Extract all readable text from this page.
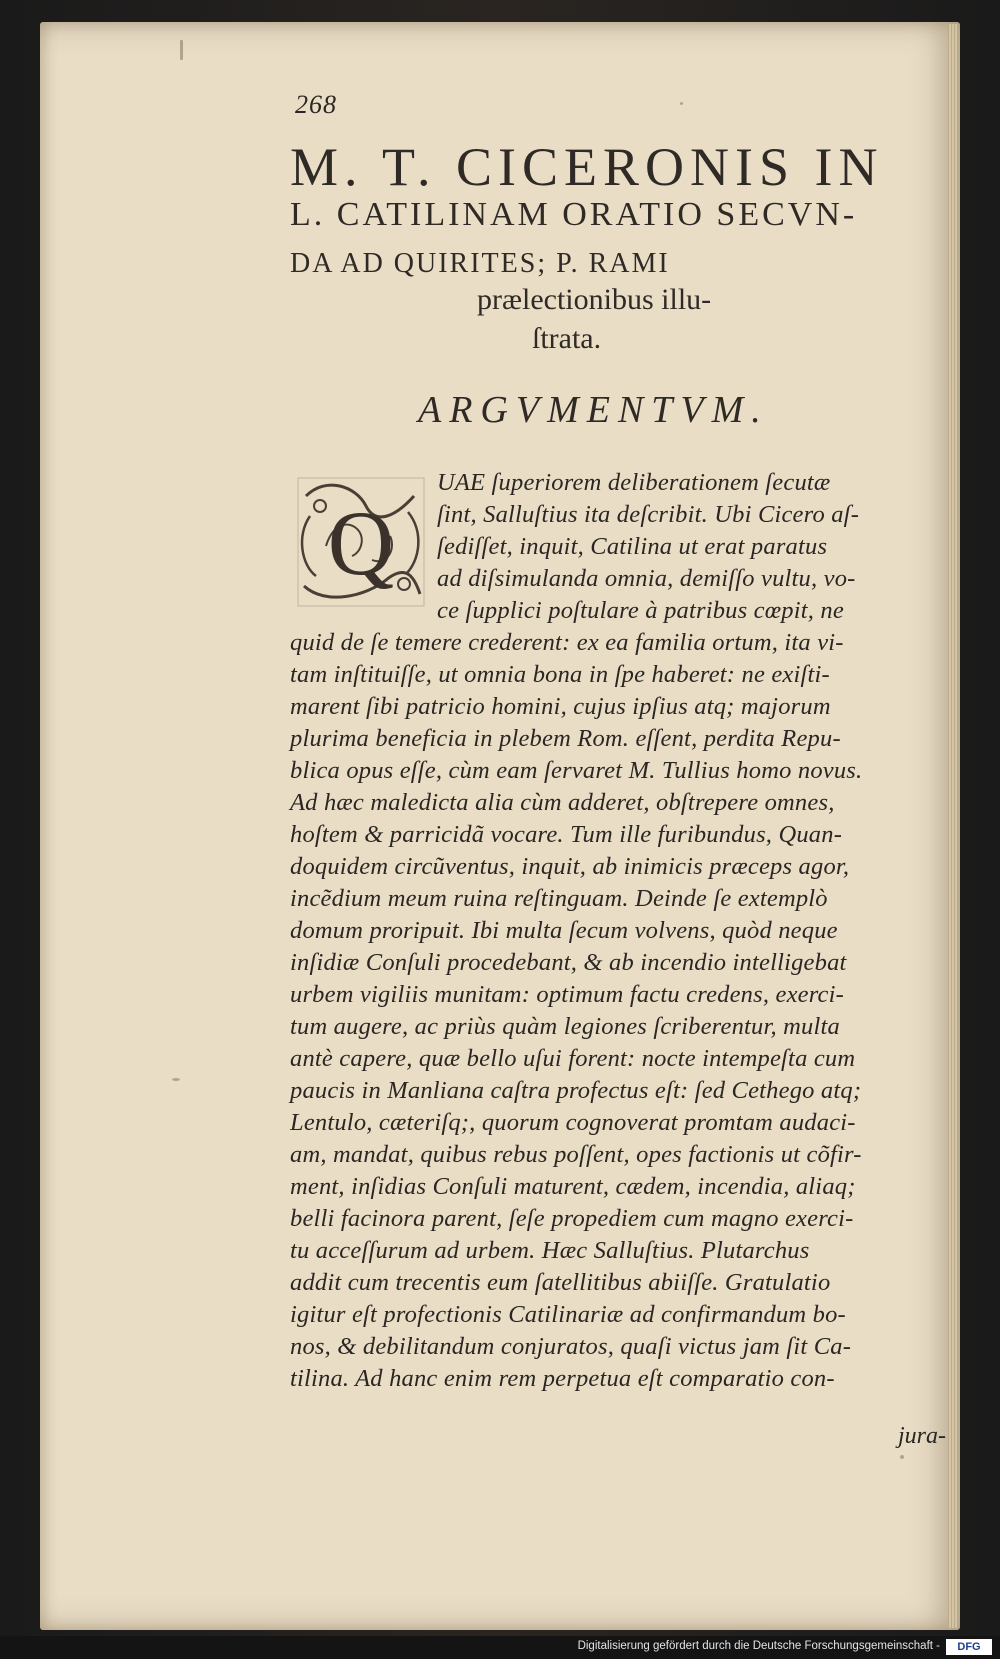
268
M. T. CICERONIS IN
L. CATILINAM ORATIO SECVN-
DA AD QUIRITES; P. RAMI
prælectionibus illu-
ſtrata.
ARGVMENTVM.
Q
UAE ſuperiorem deliberationem ſecutæ
ſint, Salluſtius ita deſcribit. Ubi Cicero aſ-
ſediſſet, inquit, Catilina ut erat paratus
ad diſsimulanda omnia, demiſſo vultu, vo-
ce ſupplici poſtulare à patribus cœpit, ne
quid de ſe temere crederent: ex ea familia ortum, ita vi-
tam inſtituiſſe, ut omnia bona in ſpe haberet: ne exiſti-
marent ſibi patricio homini, cujus ipſius atq; majorum
plurima beneficia in plebem Rom. eſſent, perdita Repu-
blica opus eſſe, cùm eam ſervaret M. Tullius homo novus.
Ad hæc maledicta alia cùm adderet, obſtrepere omnes,
hoſtem & parricidã vocare. Tum ille furibundus, Quan-
doquidem circũventus, inquit, ab inimicis præceps agor,
incẽdium meum ruina reſtinguam. Deinde ſe extemplò
domum proripuit. Ibi multa ſecum volvens, quòd neque
inſidiæ Conſuli procedebant, & ab incendio intelligebat
urbem vigiliis munitam: optimum factu credens, exerci-
tum augere, ac priùs quàm legiones ſcriberentur, multa
antè capere, quæ bello uſui forent: nocte intempeſta cum
paucis in Manliana caſtra profectus eſt: ſed Cethego atq;
Lentulo, cæteriſq;, quorum cognoverat promtam audaci-
am, mandat, quibus rebus poſſent, opes factionis ut cõfir-
ment, inſidias Conſuli maturent, cædem, incendia, aliaq;
belli facinora parent, ſeſe propediem cum magno exerci-
tu acceſſurum ad urbem. Hæc Salluſtius. Plutarchus
addit cum trecentis eum ſatellitibus abiiſſe. Gratulatio
igitur eſt profectionis Catilinariæ ad confirmandum bo-
nos, & debilitandum conjuratos, quaſi victus jam ſit Ca-
tilina. Ad hanc enim rem perpetua eſt comparatio con-
jura-
Digitalisierung gefördert durch die Deutsche Forschungsgemeinschaft -	DFG
